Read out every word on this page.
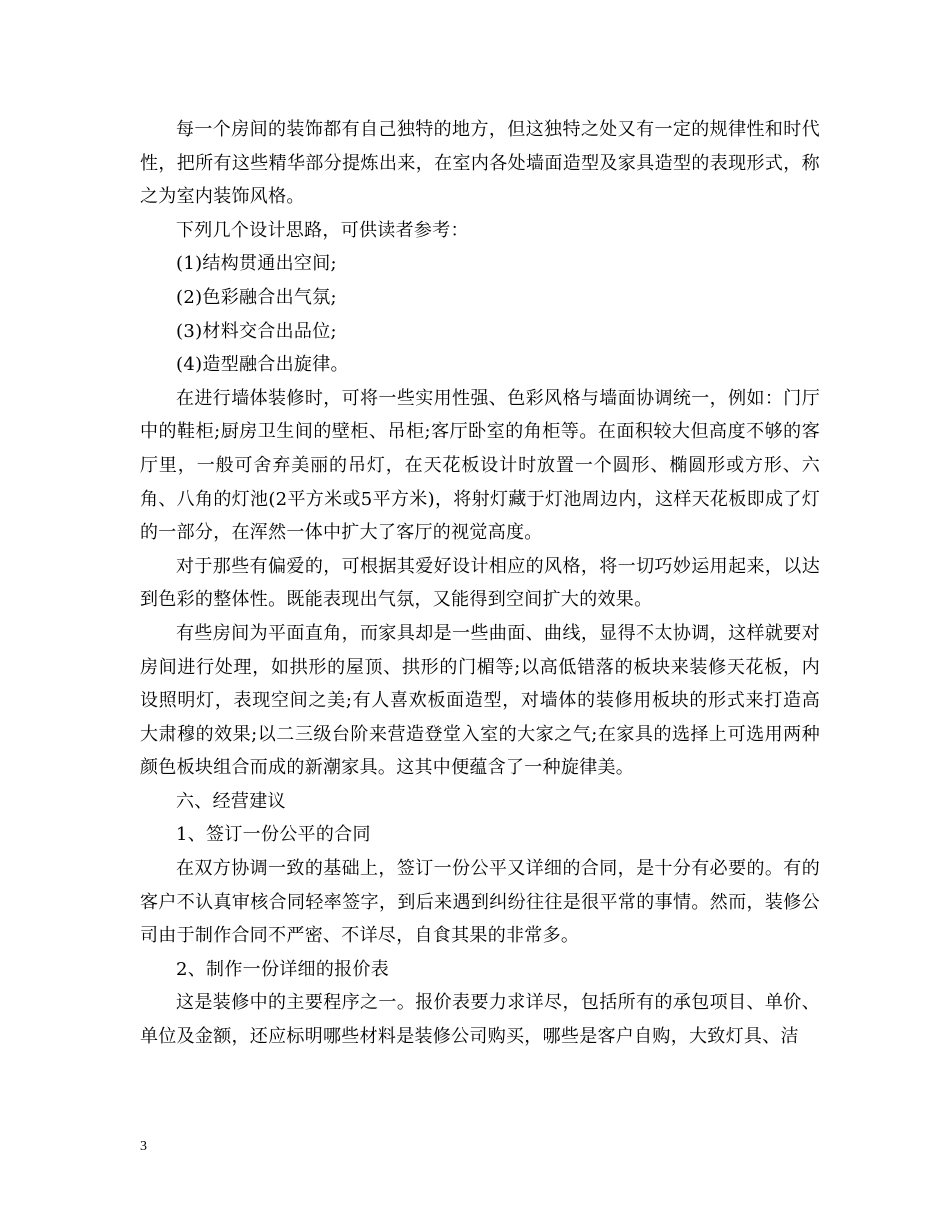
每一个房间的装饰都有自己独特的地方，但这独特之处又有一定的规律性和时代性，把所有这些精华部分提炼出来，在室内各处墙面造型及家具造型的表现形式，称之为室内装饰风格。

下列几个设计思路，可供读者参考：

(1)结构贯通出空间;

(2)色彩融合出气氛;

(3)材料交合出品位;

(4)造型融合出旋律。

在进行墙体装修时，可将一些实用性强、色彩风格与墙面协调统一，例如：门厅中的鞋柜;厨房卫生间的壁柜、吊柜;客厅卧室的角柜等。在面积较大但高度不够的客厅里，一般可舍弃美丽的吊灯，在天花板设计时放置一个圆形、椭圆形或方形、六角、八角的灯池(2平方米或5平方米)，将射灯藏于灯池周边内，这样天花板即成了灯的一部分，在浑然一体中扩大了客厅的视觉高度。

对于那些有偏爱的，可根据其爱好设计相应的风格，将一切巧妙运用起来，以达到色彩的整体性。既能表现出气氛，又能得到空间扩大的效果。

有些房间为平面直角，而家具却是一些曲面、曲线，显得不太协调，这样就要对房间进行处理，如拱形的屋顶、拱形的门楣等;以高低错落的板块来装修天花板，内设照明灯，表现空间之美;有人喜欢板面造型，对墙体的装修用板块的形式来打造高大肃穆的效果;以二三级台阶来营造登堂入室的大家之气;在家具的选择上可选用两种颜色板块组合而成的新潮家具。这其中便蕴含了一种旋律美。

六、经营建议

1、签订一份公平的合同

在双方协调一致的基础上，签订一份公平又详细的合同，是十分有必要的。有的客户不认真审核合同轻率签字，到后来遇到纠纷往往是很平常的事情。然而，装修公司由于制作合同不严密、不详尽，自食其果的非常多。

2、制作一份详细的报价表

这是装修中的主要程序之一。报价表要力求详尽，包括所有的承包项目、单价、单位及金额，还应标明哪些材料是装修公司购买，哪些是客户自购，大致灯具、洁

3
